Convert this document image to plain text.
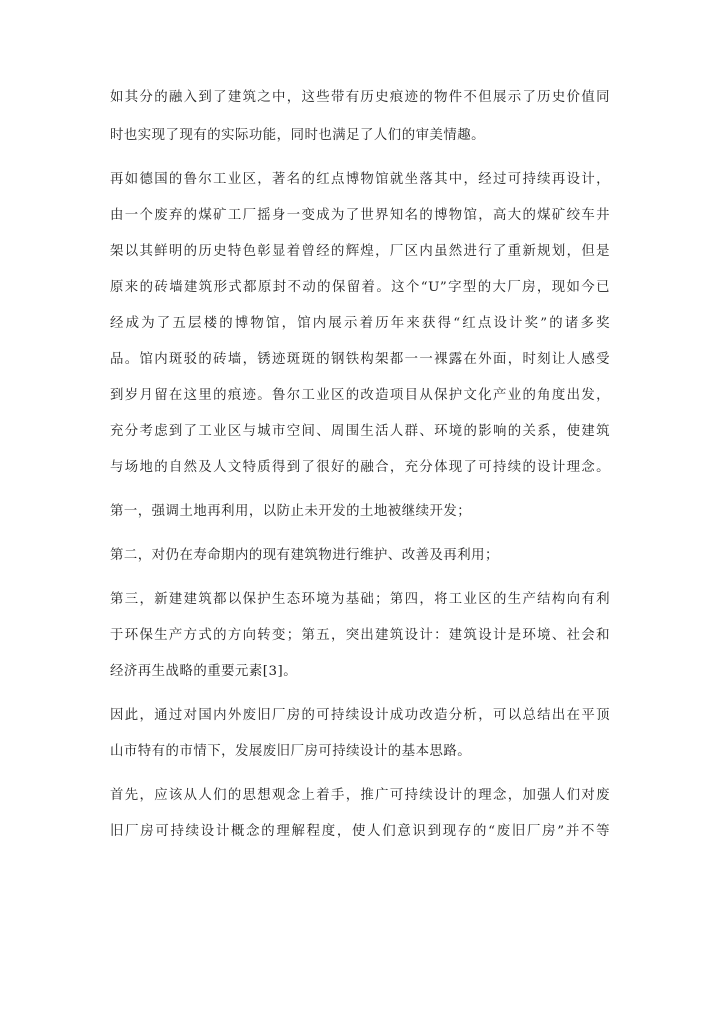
如其分的融入到了建筑之中，这些带有历史痕迹的物件不但展示了历史价值同
时也实现了现有的实际功能，同时也满足了人们的审美情趣。
再如德国的鲁尔工业区，著名的红点博物馆就坐落其中，经过可持续再设计，
由一个废弃的煤矿工厂摇身一变成为了世界知名的博物馆，高大的煤矿绞车井
架以其鲜明的历史特色彰显着曾经的辉煌，厂区内虽然进行了重新规划，但是
原来的砖墙建筑形式都原封不动的保留着。这个“U”字型的大厂房，现如今已
经成为了五层楼的博物馆，馆内展示着历年来获得“红点设计奖”的诸多奖
品。馆内斑驳的砖墙，锈迹斑斑的钢铁构架都一一裸露在外面，时刻让人感受
到岁月留在这里的痕迹。鲁尔工业区的改造项目从保护文化产业的角度出发，
充分考虑到了工业区与城市空间、周围生活人群、环境的影响的关系，使建筑
与场地的自然及人文特质得到了很好的融合，充分体现了可持续的设计理念。
第一，强调土地再利用，以防止未开发的土地被继续开发；
第二，对仍在寿命期内的现有建筑物进行维护、改善及再利用；
第三，新建建筑都以保护生态环境为基础；第四，将工业区的生产结构向有利
于环保生产方式的方向转变；第五，突出建筑设计：建筑设计是环境、社会和
经济再生战略的重要元素[3]。
因此，通过对国内外废旧厂房的可持续设计成功改造分析，可以总结出在平顶
山市特有的市情下，发展废旧厂房可持续设计的基本思路。
首先，应该从人们的思想观念上着手，推广可持续设计的理念，加强人们对废
旧厂房可持续设计概念的理解程度，使人们意识到现存的“废旧厂房”并不等
